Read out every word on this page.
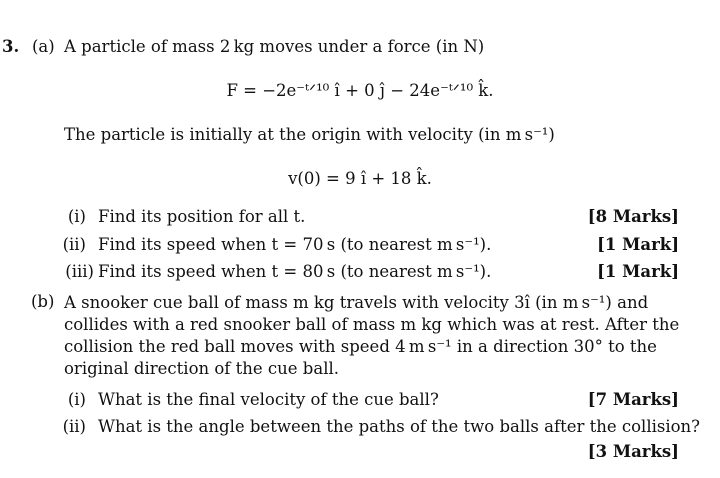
3. (a) A particle of mass 2 kg moves under a force (in N)
F = −2e⁻ᵗᐟ¹⁰ î + 0 ĵ − 24e⁻ᵗᐟ¹⁰ k̂.
The particle is initially at the origin with velocity (in m s⁻¹)
v(0) = 9 î + 18 k̂.
(i) Find its position for all t.	[8 Marks]
(ii) Find its speed when t = 70 s (to nearest m s⁻¹).	[1 Mark]
(iii) Find its speed when t = 80 s (to nearest m s⁻¹).	[1 Mark]
(b) A snooker cue ball of mass m kg travels with velocity 3î (in m s⁻¹) and collides with a red snooker ball of mass m kg which was at rest. After the collision the red ball moves with speed 4 m s⁻¹ in a direction 30° to the original direction of the cue ball.
(i) What is the final velocity of the cue ball?	[7 Marks]
(ii) What is the angle between the paths of the two balls after the collision?
[3 Marks]
